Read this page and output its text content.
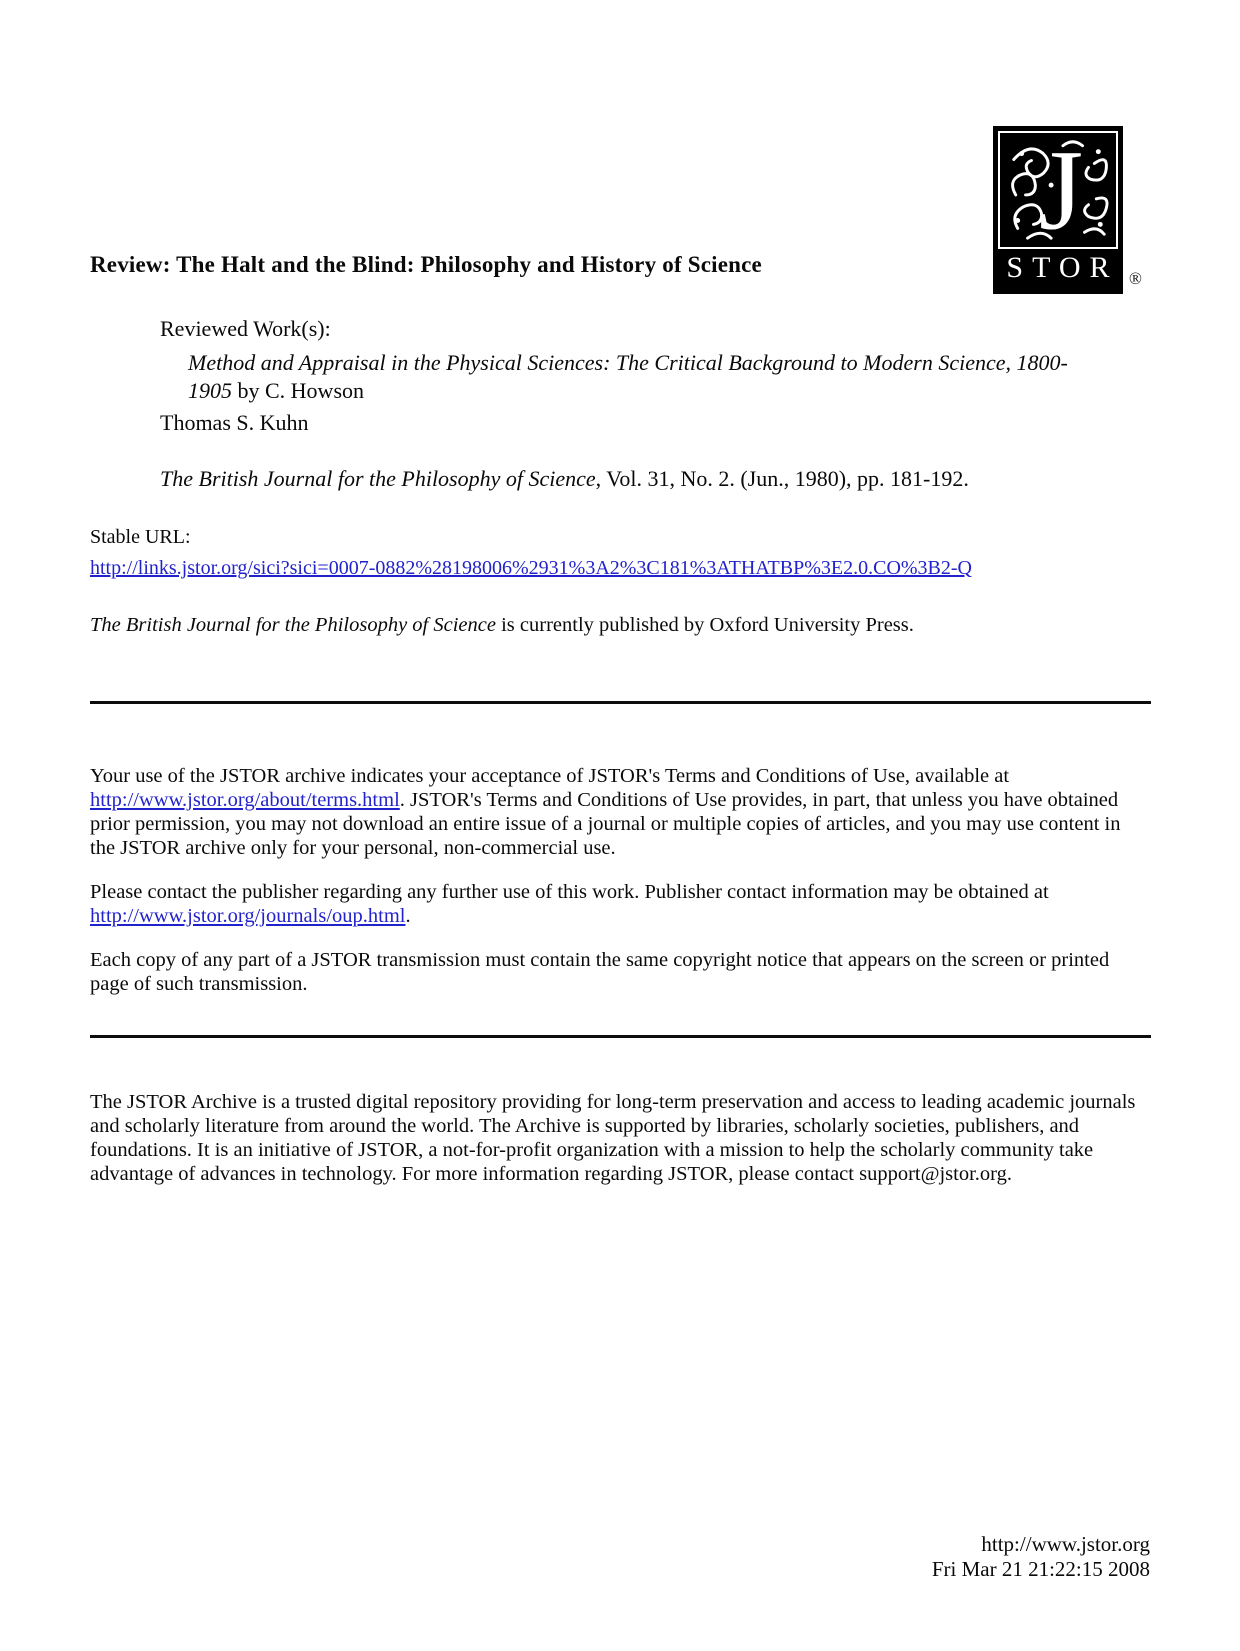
J
STOR ®
Review: The Halt and the Blind: Philosophy and History of Science
Reviewed Work(s):
Method and Appraisal in the Physical Sciences: The Critical Background to Modern Science, 1800-1905 by C. Howson
Thomas S. Kuhn
The British Journal for the Philosophy of Science, Vol. 31, No. 2. (Jun., 1980), pp. 181-192.
Stable URL:
http://links.jstor.org/sici?sici=0007-0882%28198006%2931%3A2%3C181%3ATHATBP%3E2.0.CO%3B2-Q
The British Journal for the Philosophy of Science is currently published by Oxford University Press.
Your use of the JSTOR archive indicates your acceptance of JSTOR's Terms and Conditions of Use, available at http://www.jstor.org/about/terms.html. JSTOR's Terms and Conditions of Use provides, in part, that unless you have obtained prior permission, you may not download an entire issue of a journal or multiple copies of articles, and you may use content in the JSTOR archive only for your personal, non-commercial use.
Please contact the publisher regarding any further use of this work. Publisher contact information may be obtained at http://www.jstor.org/journals/oup.html.
Each copy of any part of a JSTOR transmission must contain the same copyright notice that appears on the screen or printed page of such transmission.
The JSTOR Archive is a trusted digital repository providing for long-term preservation and access to leading academic journals and scholarly literature from around the world. The Archive is supported by libraries, scholarly societies, publishers, and foundations. It is an initiative of JSTOR, a not-for-profit organization with a mission to help the scholarly community take advantage of advances in technology. For more information regarding JSTOR, please contact support@jstor.org.
http://www.jstor.org
Fri Mar 21 21:22:15 2008
